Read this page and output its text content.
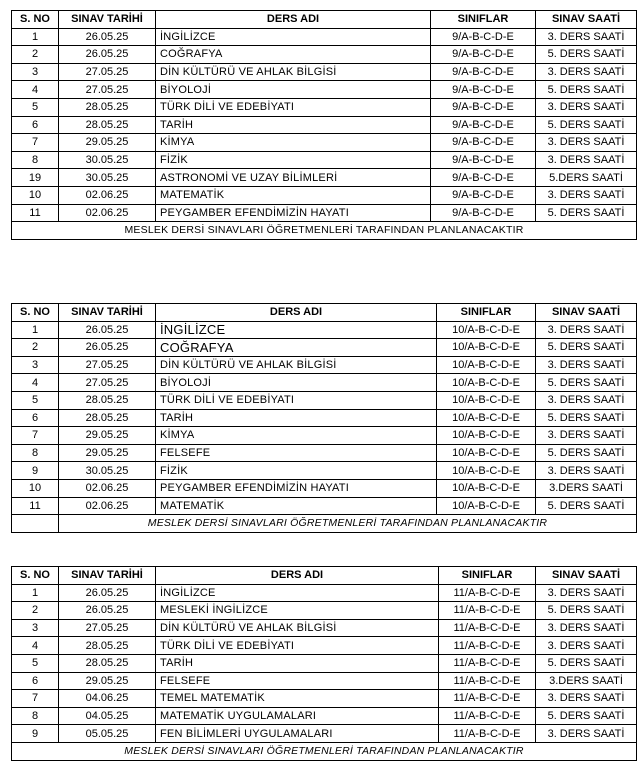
S. NO	SINAV TARİHİ	DERS ADI	SINIFLAR	SINAV SAATİ
1	26.05.25	İNGİLİZCE	9/A-B-C-D-E	3. DERS SAATİ
2	26.05.25	COĞRAFYA	9/A-B-C-D-E	5. DERS SAATİ
3	27.05.25	DİN KÜLTÜRÜ VE AHLAK BİLGİSİ	9/A-B-C-D-E	3. DERS SAATİ
4	27.05.25	BİYOLOJİ	9/A-B-C-D-E	5. DERS SAATİ
5	28.05.25	TÜRK DİLİ VE EDEBİYATI	9/A-B-C-D-E	3. DERS SAATİ
6	28.05.25	TARİH	9/A-B-C-D-E	5. DERS SAATİ
7	29.05.25	KİMYA	9/A-B-C-D-E	3. DERS SAATİ
8	30.05.25	FİZİK	9/A-B-C-D-E	3. DERS SAATİ
19	30.05.25	ASTRONOMİ VE UZAY BİLİMLERİ	9/A-B-C-D-E	5.DERS SAATİ
10	02.06.25	MATEMATİK	9/A-B-C-D-E	3. DERS SAATİ
11	02.06.25	PEYGAMBER EFENDİMİZİN HAYATI	9/A-B-C-D-E	5. DERS SAATİ
MESLEK DERSİ SINAVLARI ÖĞRETMENLERİ TARAFINDAN PLANLANACAKTIR				
S. NO	SINAV TARİHİ	DERS ADI	SINIFLAR	SINAV SAATİ
1	26.05.25	İNGİLİZCE	10/A-B-C-D-E	3. DERS SAATİ
2	26.05.25	COĞRAFYA	10/A-B-C-D-E	5. DERS SAATİ
3	27.05.25	DİN KÜLTÜRÜ VE AHLAK BİLGİSİ	10/A-B-C-D-E	3. DERS SAATİ
4	27.05.25	BİYOLOJİ	10/A-B-C-D-E	5. DERS SAATİ
5	28.05.25	TÜRK DİLİ VE EDEBİYATI	10/A-B-C-D-E	3. DERS SAATİ
6	28.05.25	TARİH	10/A-B-C-D-E	5. DERS SAATİ
7	29.05.25	KİMYA	10/A-B-C-D-E	3. DERS SAATİ
8	29.05.25	FELSEFE	10/A-B-C-D-E	5. DERS SAATİ
9	30.05.25	FİZİK	10/A-B-C-D-E	3. DERS SAATİ
10	02.06.25	PEYGAMBER EFENDİMİZİN HAYATI	10/A-B-C-D-E	3.DERS SAATİ
11	02.06.25	MATEMATİK	10/A-B-C-D-E	5. DERS SAATİ
	MESLEK DERSİ SINAVLARI ÖĞRETMENLERİ TARAFINDAN PLANLANACAKTIR			
S. NO	SINAV TARİHİ	DERS ADI	SINIFLAR	SINAV SAATİ
1	26.05.25	İNGİLİZCE	11/A-B-C-D-E	3. DERS SAATİ
2	26.05.25	MESLEKİ İNGİLİZCE	11/A-B-C-D-E	5. DERS SAATİ
3	27.05.25	DİN KÜLTÜRÜ VE AHLAK BİLGİSİ	11/A-B-C-D-E	3. DERS SAATİ
4	28.05.25	TÜRK DİLİ VE EDEBİYATI	11/A-B-C-D-E	3. DERS SAATİ
5	28.05.25	TARİH	11/A-B-C-D-E	5. DERS SAATİ
6	29.05.25	FELSEFE	11/A-B-C-D-E	3.DERS SAATİ
7	04.06.25	TEMEL MATEMATİK	11/A-B-C-D-E	3. DERS SAATİ
8	04.05.25	MATEMATİK UYGULAMALARI	11/A-B-C-D-E	5. DERS SAATİ
9	05.05.25	FEN BİLİMLERİ UYGULAMALARI	11/A-B-C-D-E	3. DERS SAATİ
MESLEK DERSİ SINAVLARI ÖĞRETMENLERİ TARAFINDAN PLANLANACAKTIR				
